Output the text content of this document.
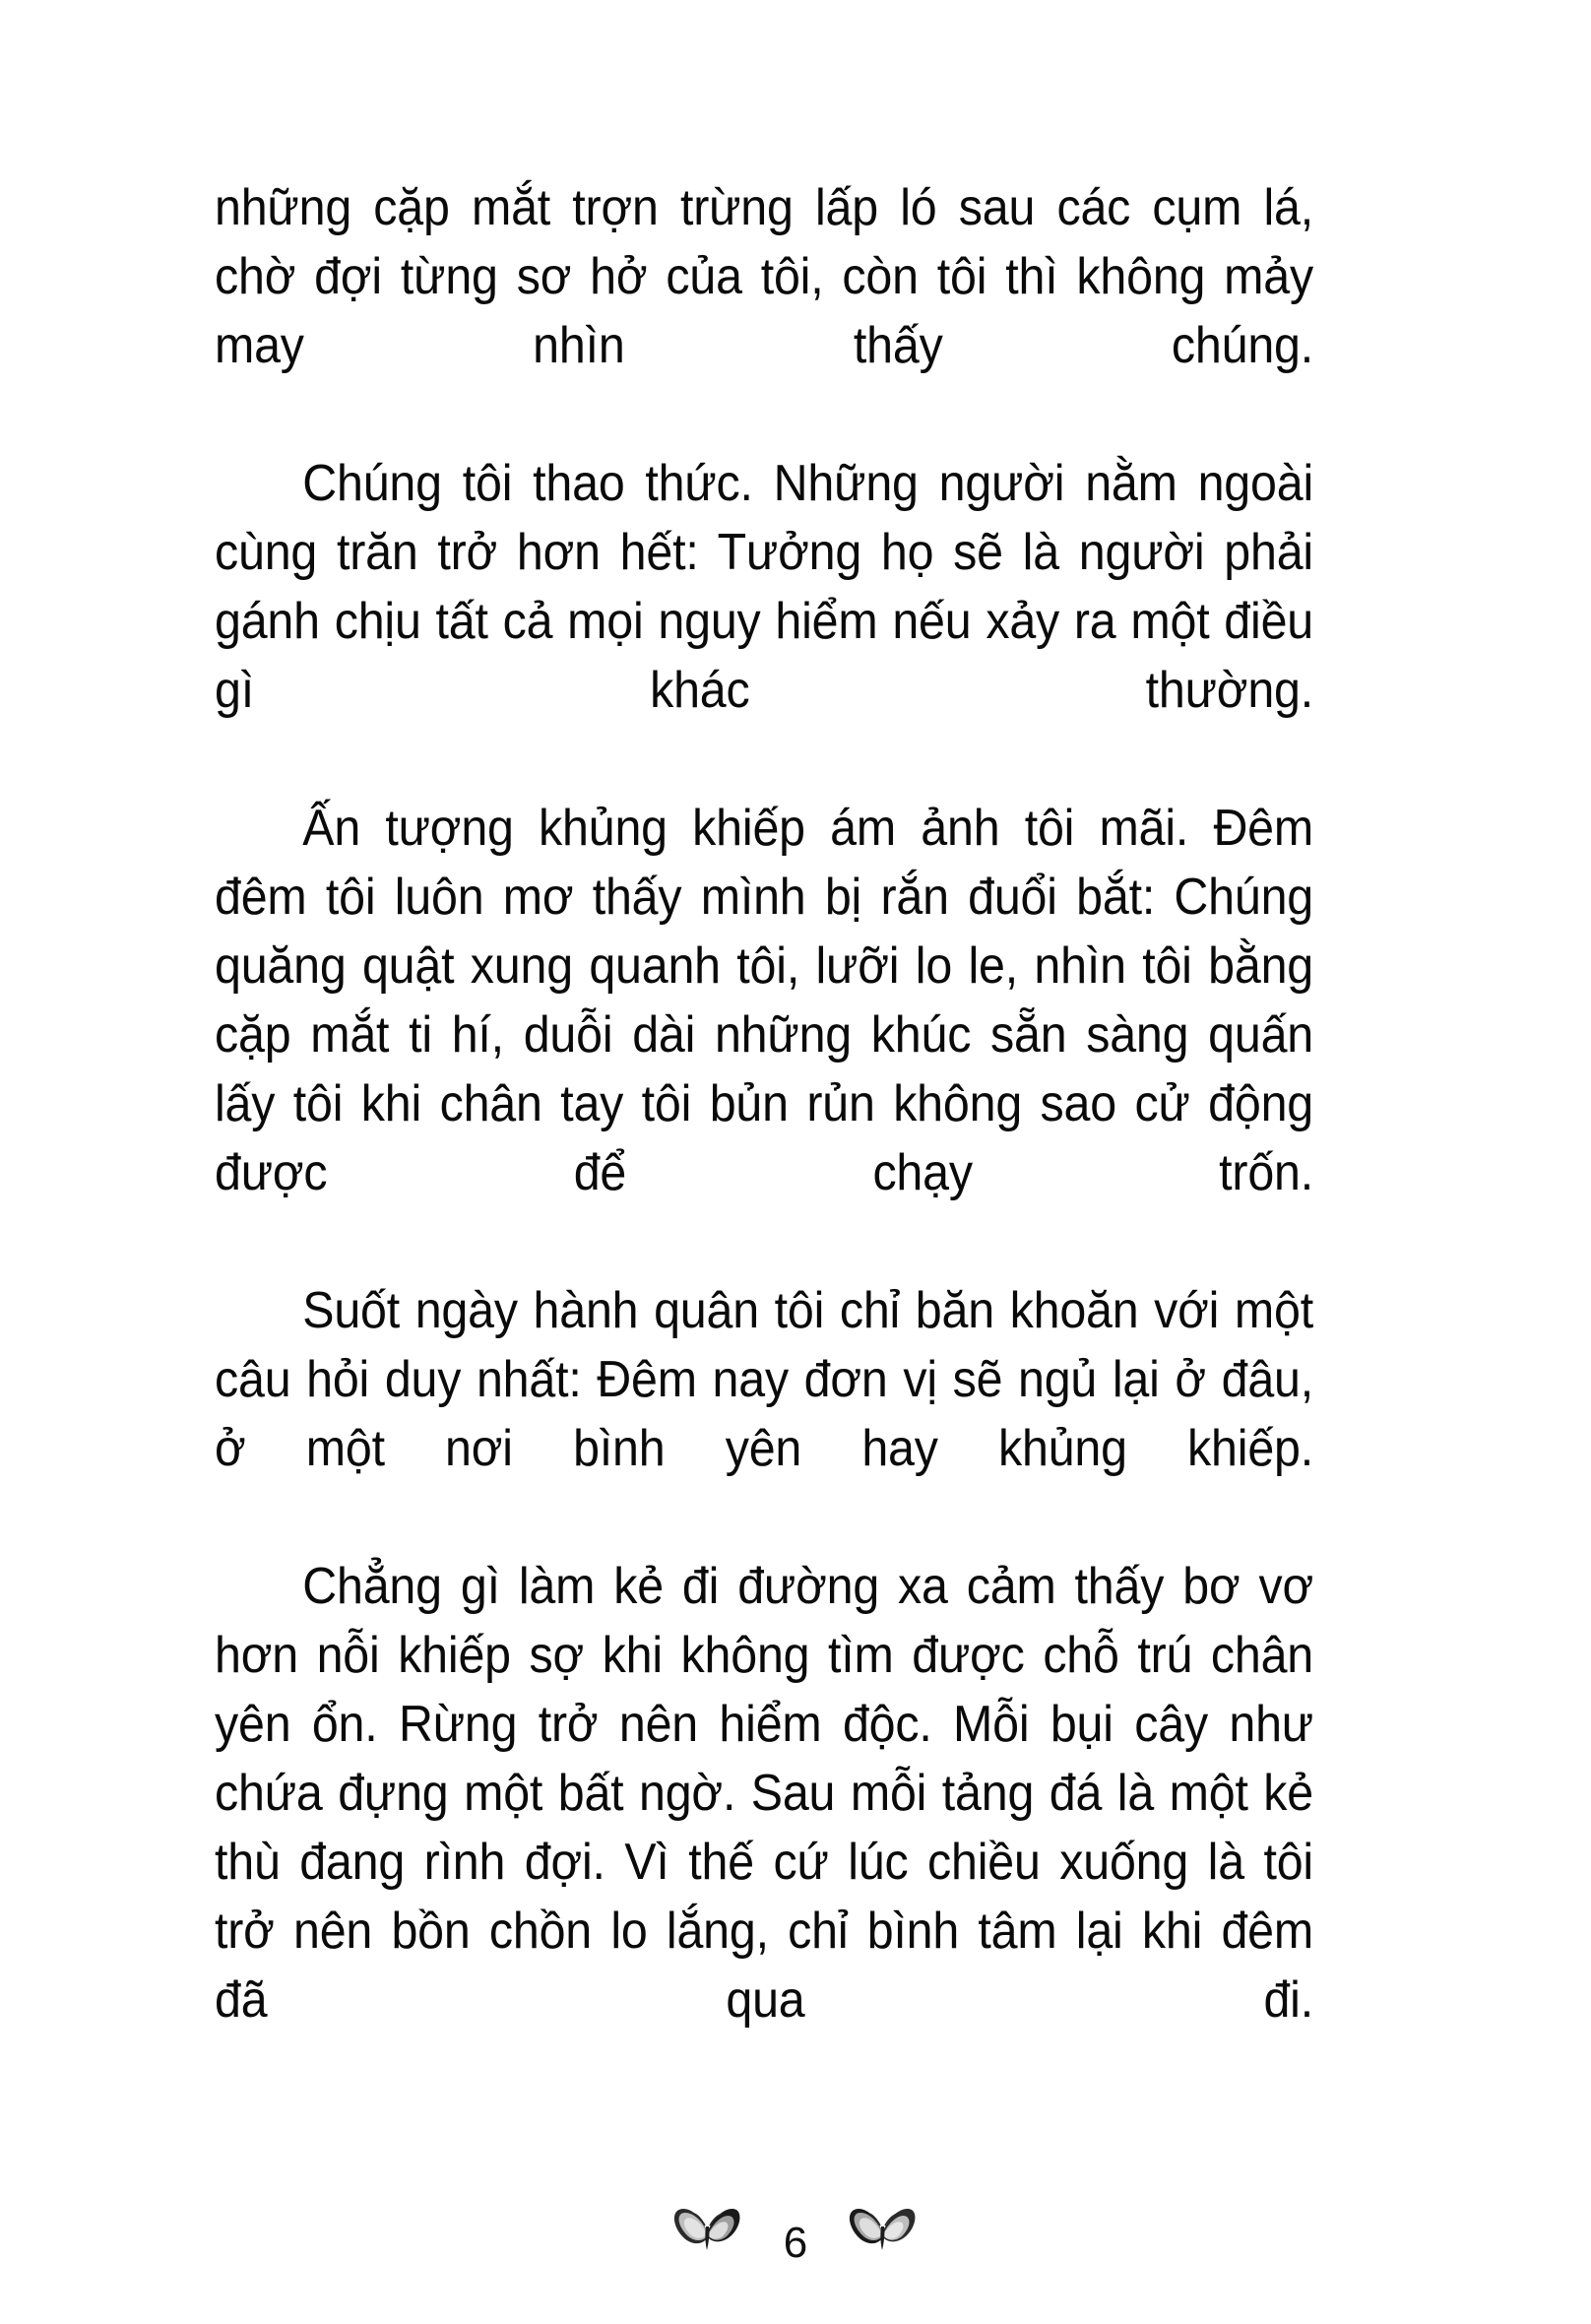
những cặp mắt trợn trừng lấp ló sau các cụm lá, chờ đợi từng sơ hở của tôi, còn tôi thì không mảy may nhìn thấy chúng.

Chúng tôi thao thức. Những người nằm ngoài cùng trăn trở hơn hết: Tưởng họ sẽ là người phải gánh chịu tất cả mọi nguy hiểm nếu xảy ra một điều gì khác thường.

Ấn tượng khủng khiếp ám ảnh tôi mãi. Đêm đêm tôi luôn mơ thấy mình bị rắn đuổi bắt: Chúng quăng quật xung quanh tôi, lưỡi lo le, nhìn tôi bằng cặp mắt ti hí, duỗi dài những khúc sẵn sàng quấn lấy tôi khi chân tay tôi bủn rủn không sao cử động được để chạy trốn.

Suốt ngày hành quân tôi chỉ băn khoăn với một câu hỏi duy nhất: Đêm nay đơn vị sẽ ngủ lại ở đâu, ở một nơi bình yên hay khủng khiếp.

Chẳng gì làm kẻ đi đường xa cảm thấy bơ vơ hơn nỗi khiếp sợ khi không tìm được chỗ trú chân yên ổn. Rừng trở nên hiểm độc. Mỗi bụi cây như chứa đựng một bất ngờ. Sau mỗi tảng đá là một kẻ thù đang rình đợi. Vì thế cứ lúc chiều xuống là tôi trở nên bồn chồn lo lắng, chỉ bình tâm lại khi đêm đã qua đi.

6
